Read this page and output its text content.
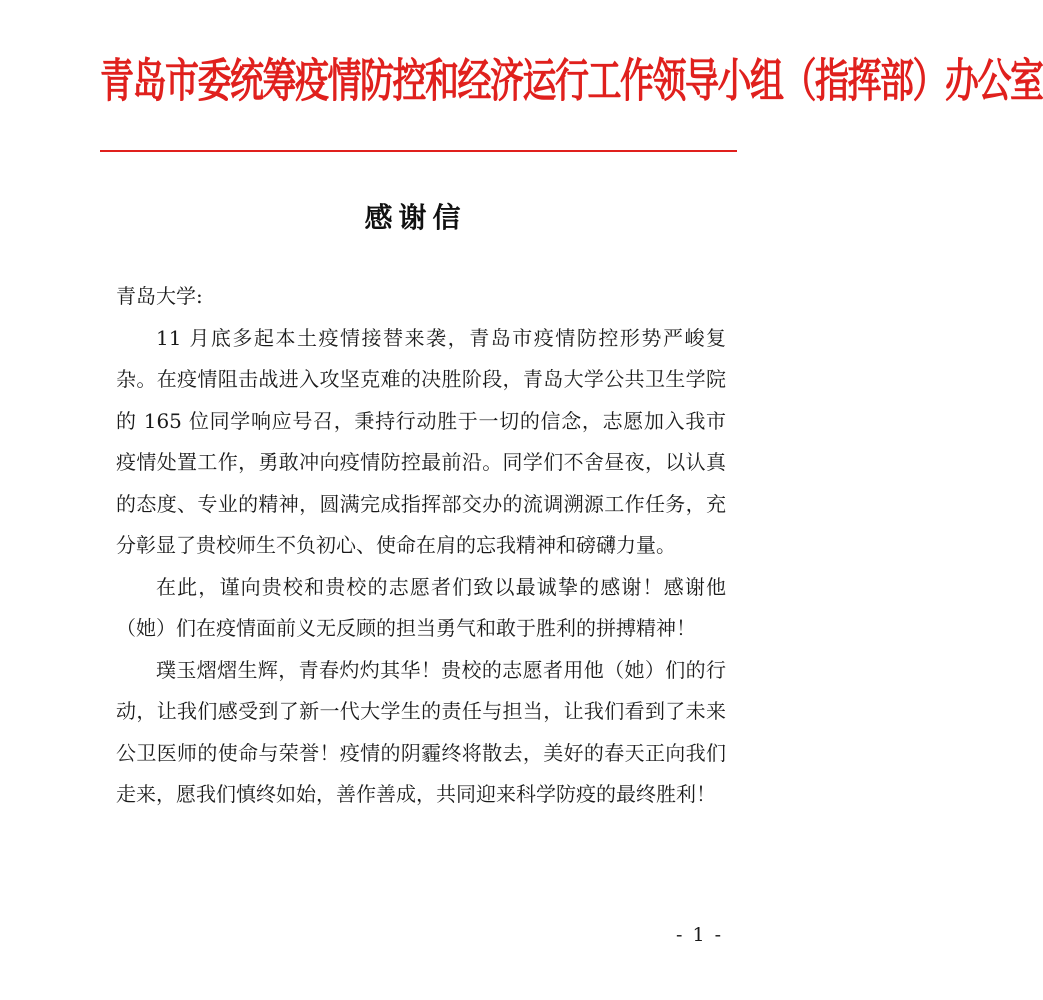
青岛市委统筹疫情防控和经济运行工作领导小组（指挥部）办公室
感谢信

青岛大学:

11 月底多起本土疫情接替来袭，青岛市疫情防控形势严峻复杂。在疫情阻击战进入攻坚克难的决胜阶段，青岛大学公共卫生学院的 165 位同学响应号召，秉持行动胜于一切的信念，志愿加入我市疫情处置工作，勇敢冲向疫情防控最前沿。同学们不舍昼夜，以认真的态度、专业的精神，圆满完成指挥部交办的流调溯源工作任务，充分彰显了贵校师生不负初心、使命在肩的忘我精神和磅礴力量。

在此，谨向贵校和贵校的志愿者们致以最诚挚的感谢！感谢他（她）们在疫情面前义无反顾的担当勇气和敢于胜利的拼搏精神！

璞玉熠熠生辉，青春灼灼其华！贵校的志愿者用他（她）们的行动，让我们感受到了新一代大学生的责任与担当，让我们看到了未来公卫医师的使命与荣誉！疫情的阴霾终将散去，美好的春天正向我们走来，愿我们慎终如始，善作善成，共同迎来科学防疫的最终胜利！

- 1 -
